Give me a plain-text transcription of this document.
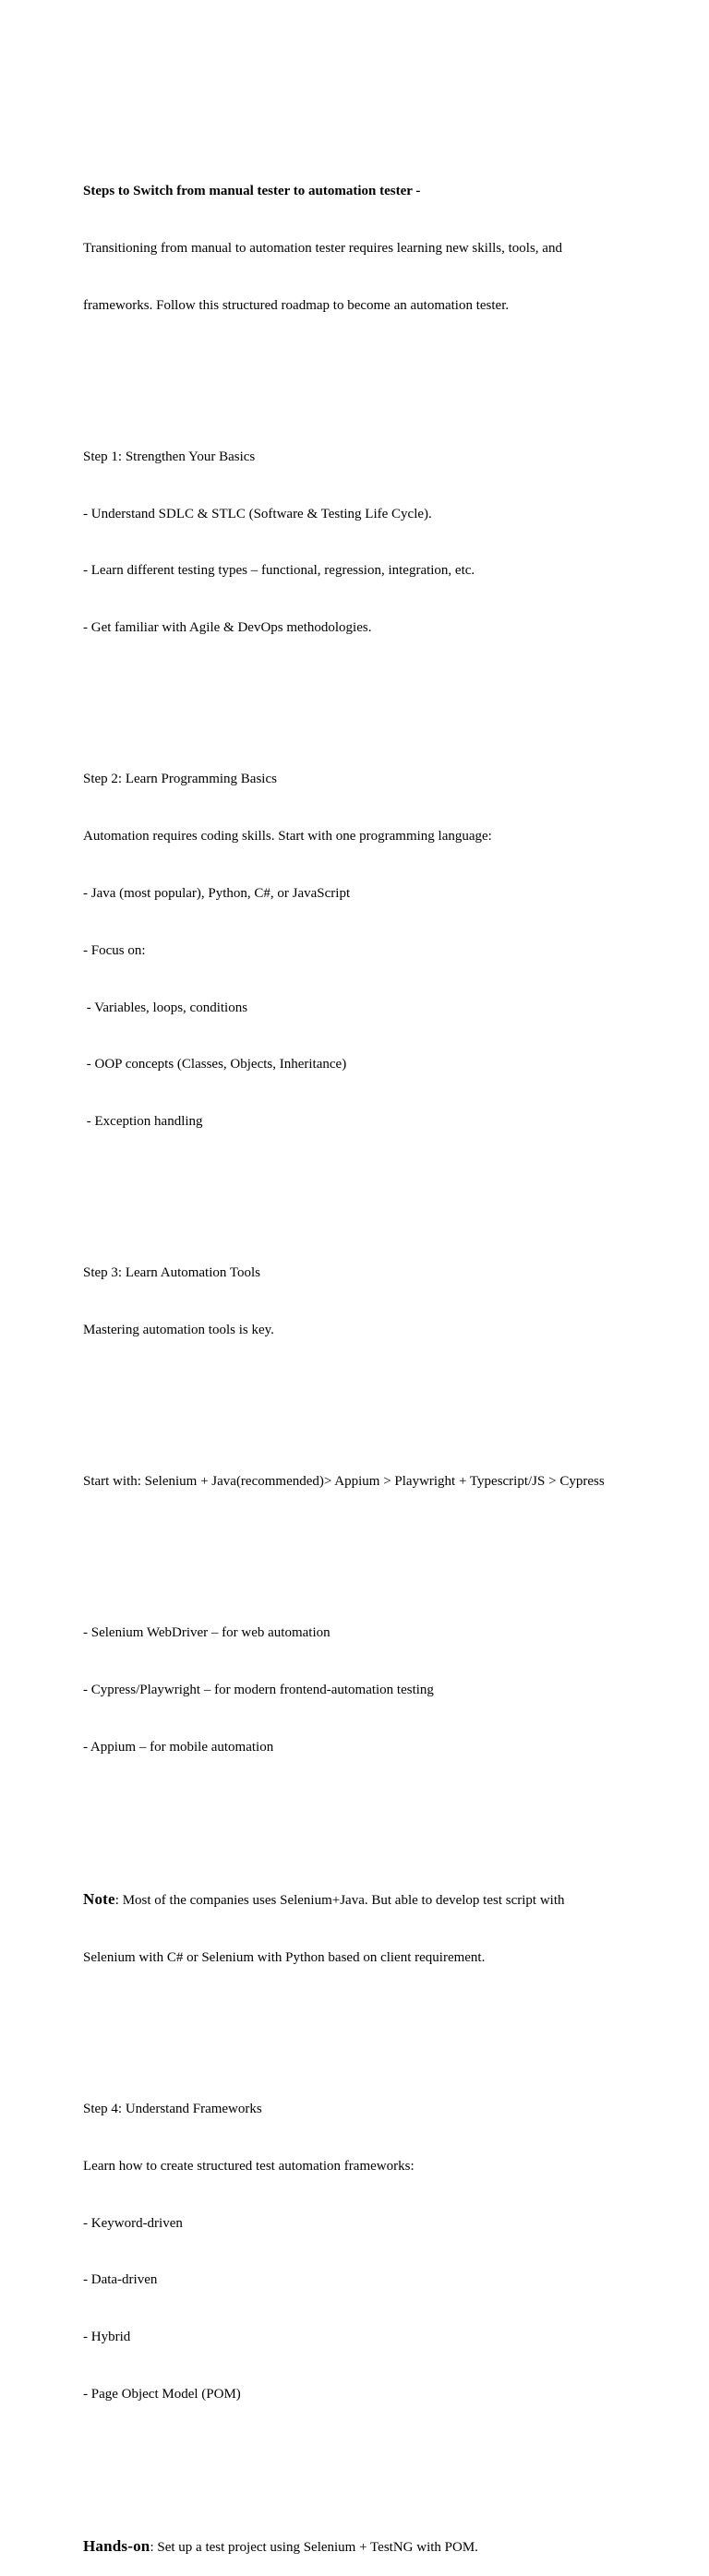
Steps to Switch from manual tester to automation tester -

Transitioning from manual to automation tester requires learning new skills, tools, and

frameworks. Follow this structured roadmap to become an automation tester.

Step 1: Strengthen Your Basics

- Understand SDLC & STLC (Software & Testing Life Cycle).

- Learn different testing types – functional, regression, integration, etc.

- Get familiar with Agile & DevOps methodologies.

Step 2: Learn Programming Basics

Automation requires coding skills. Start with one programming language:

- Java (most popular), Python, C#, or JavaScript

- Focus on:

- Variables, loops, conditions

- OOP concepts (Classes, Objects, Inheritance)

- Exception handling

Step 3: Learn Automation Tools

Mastering automation tools is key.

Start with: Selenium + Java(recommended)> Appium > Playwright + Typescript/JS > Cypress

- Selenium WebDriver – for web automation

- Cypress/Playwright – for modern frontend-automation testing

- Appium – for mobile automation

Note: Most of the companies uses Selenium+Java. But able to develop test script with

Selenium with C# or Selenium with Python based on client requirement.

Step 4: Understand Frameworks

Learn how to create structured test automation frameworks:

- Keyword-driven

- Data-driven

- Hybrid

- Page Object Model (POM)

Hands-on: Set up a test project using Selenium + TestNG with POM.
